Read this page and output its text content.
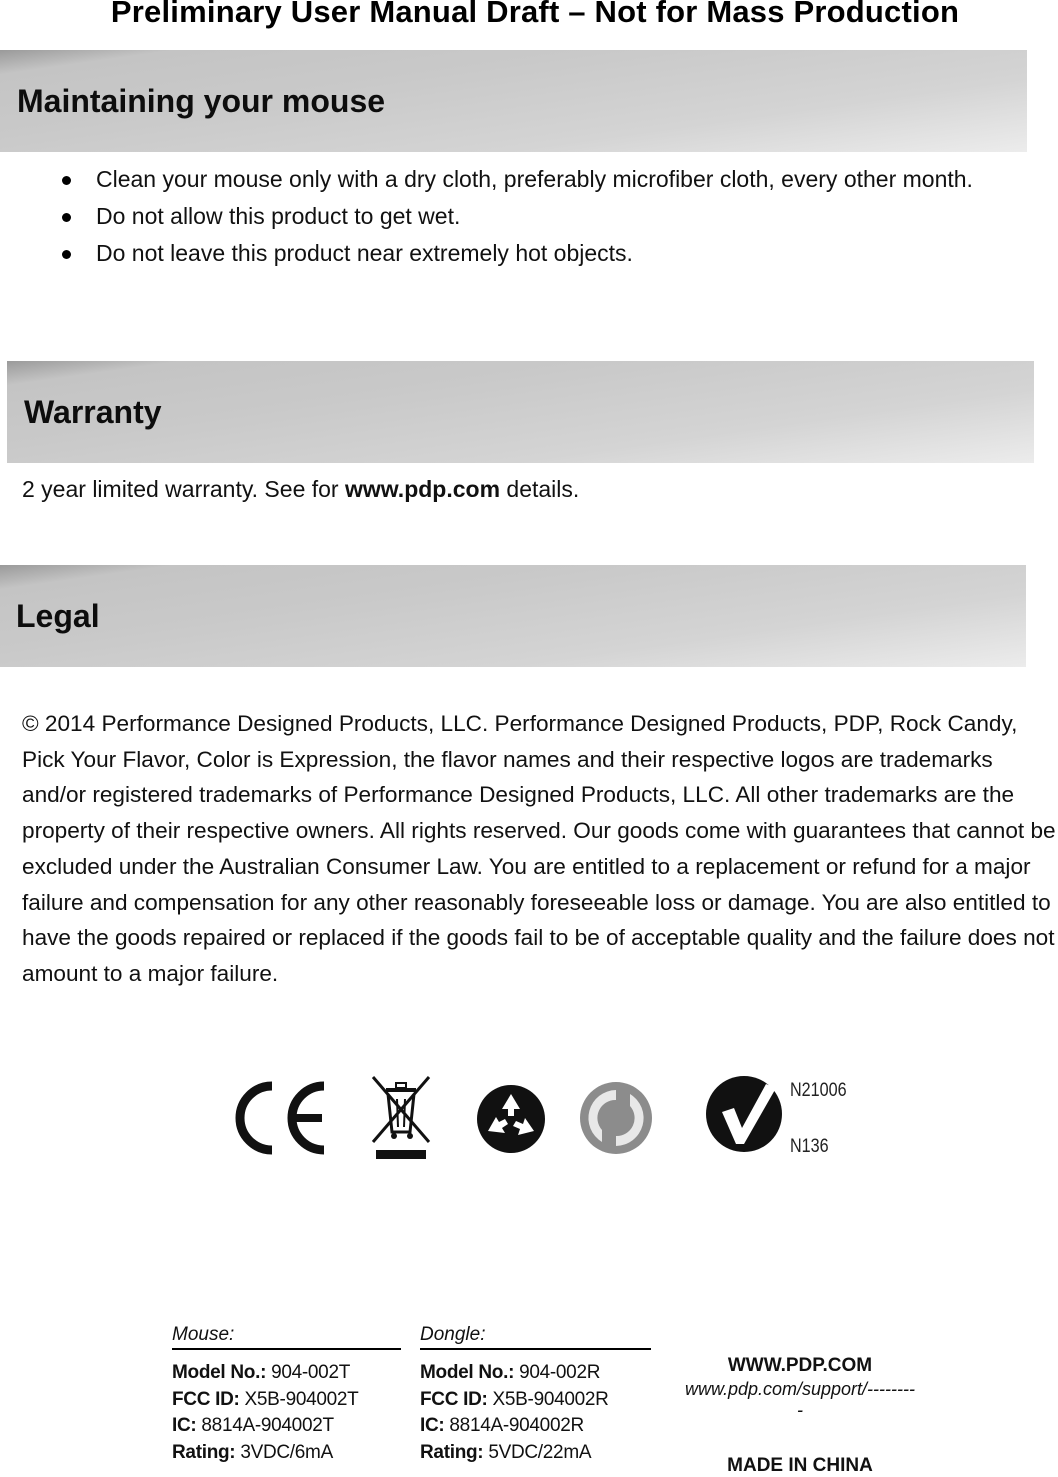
Preliminary User Manual Draft – Not for Mass Production
Maintaining your mouse
Clean your mouse only with a dry cloth, preferably microfiber cloth, every other month.
Do not allow this product to get wet.
Do not leave this product near extremely hot objects.
Warranty
2 year limited warranty. See for www.pdp.com details.
Legal

© 2014 Performance Designed Products, LLC. Performance Designed Products, PDP, Rock Candy, Pick Your Flavor, Color is Expression, the flavor names and their respective logos are trademarks and/or registered trademarks of Performance Designed Products, LLC. All other trademarks are the property of their respective owners. All rights reserved. Our goods come with guarantees that cannot be excluded under the Australian Consumer Law. You are entitled to a replacement or refund for a major failure and compensation for any other reasonably foreseeable loss or damage. You are also entitled to have the goods repaired or replaced if the goods fail to be of acceptable quality and the failure does not amount to a major failure.

N21006
N136
Mouse:
Model No.: 904-002T
FCC ID: X5B-904002T
IC: 8814A-904002T
Rating: 3VDC/6mA
Dongle:
Model No.: 904-002R
FCC ID: X5B-904002R
IC: 8814A-904002R
Rating: 5VDC/22mA
WWW.PDP.COM
www.pdp.com/support/---------
MADE IN CHINA
